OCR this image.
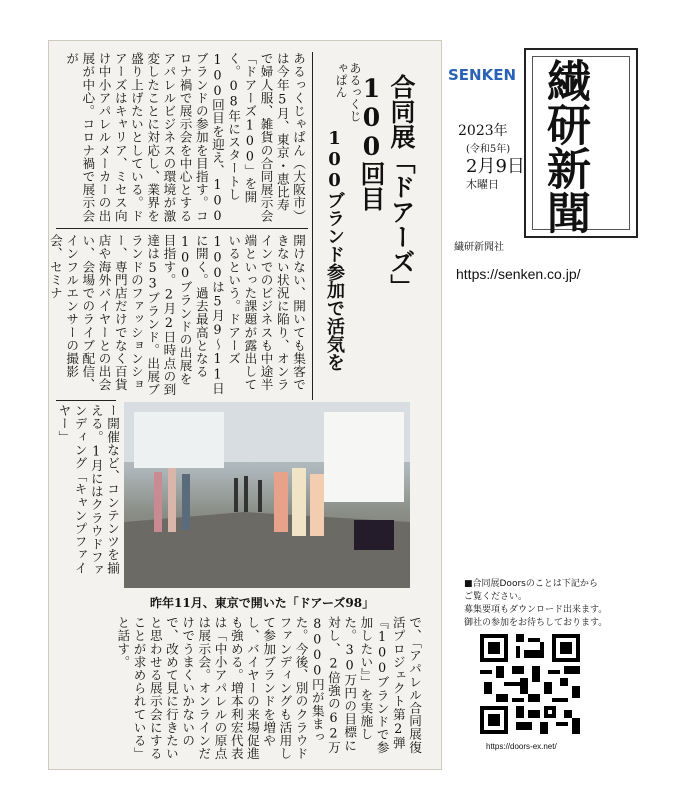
あるっくじゃぱん	合同展「ドアーズ」100回目
100ブランド参加で活気を
あるっくじゃぱん（大阪市）は今年5月、東京・恵比寿で婦人服、雑貨の合同展示会「ドアーズ100」を開く。08年にスタートし100回目を迎え、100ブランドの参加を目指す。コロナ禍で展示会を中心とするアパレルビジネスの環境が激変したことに対応し、業界を盛り上げたいとしている。ドアーズはキャリア、ミセス向け中小アパレルメーカーの出展が中心。コロナ禍で展示会が
開けない、開いても集客できない状況に陥り、オンラインでのビジネスも中途半端といった課題が露出しているという。ドアーズ100は5月9〜11日に開く。過去最高となる100ブランドの出展を目指す。2月2日時点の到達は53ブランド。出展ブランドのファッションショー、専門店だけでなく百貨店や海外バイヤーとの出会い、会場でのライブ配信、インフルエンサーの撮影会、セミナ
ー開催など、コンテンツを揃える。1月にはクラウドファンディング「キャンプファイヤー」
昨年11月、東京で開いた「ドアーズ98」
で、「アパレル合同展復活プロジェクト第2弾『100ブランドで参加したい』」を実施した。30万円の目標に対し、2倍強の62万8000円が集まった。今後、別のクラウドファンディングも活用して参加ブランドを増やし、バイヤーの来場促進も強める。増本利宏代表は「中小アパレルの原点は展示会。オンラインだけでうまくいかないので、改めて見に行きたいと思わせる展示会にすることが求められている」と話す。
SENKEN 繊研新聞
2023年
(令和5年)
2月9日
木曜日
繊研新聞社
https://senken.co.jp/
■合同展Doorsのことは下記から
ご覧ください。
募集要項もダウンロード出来ます。
御社の参加をお待ちしております。
https://doors-ex.net/
